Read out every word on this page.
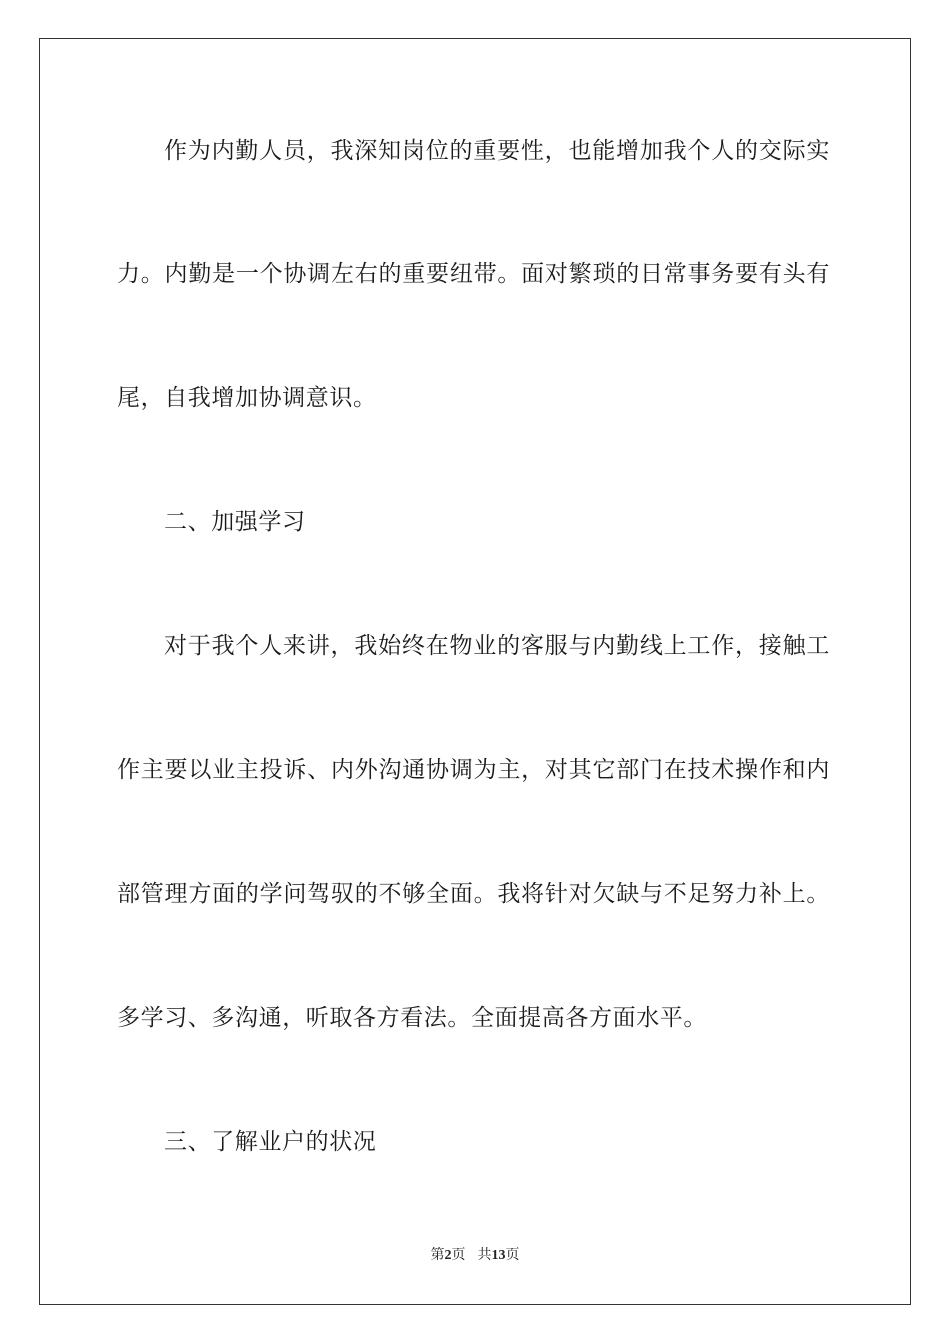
作为内勤人员，我深知岗位的重要性，也能增加我个人的交际实
力。内勤是一个协调左右的重要纽带。面对繁琐的日常事务要有头有
尾，自我增加协调意识。
二、加强学习
对于我个人来讲，我始终在物业的客服与内勤线上工作，接触工
作主要以业主投诉、内外沟通协调为主，对其它部门在技术操作和内
部管理方面的学问驾驭的不够全面。我将针对欠缺与不足努力补上。
多学习、多沟通，听取各方看法。全面提高各方面水平。
三、了解业户的状况
第2页 共13页
